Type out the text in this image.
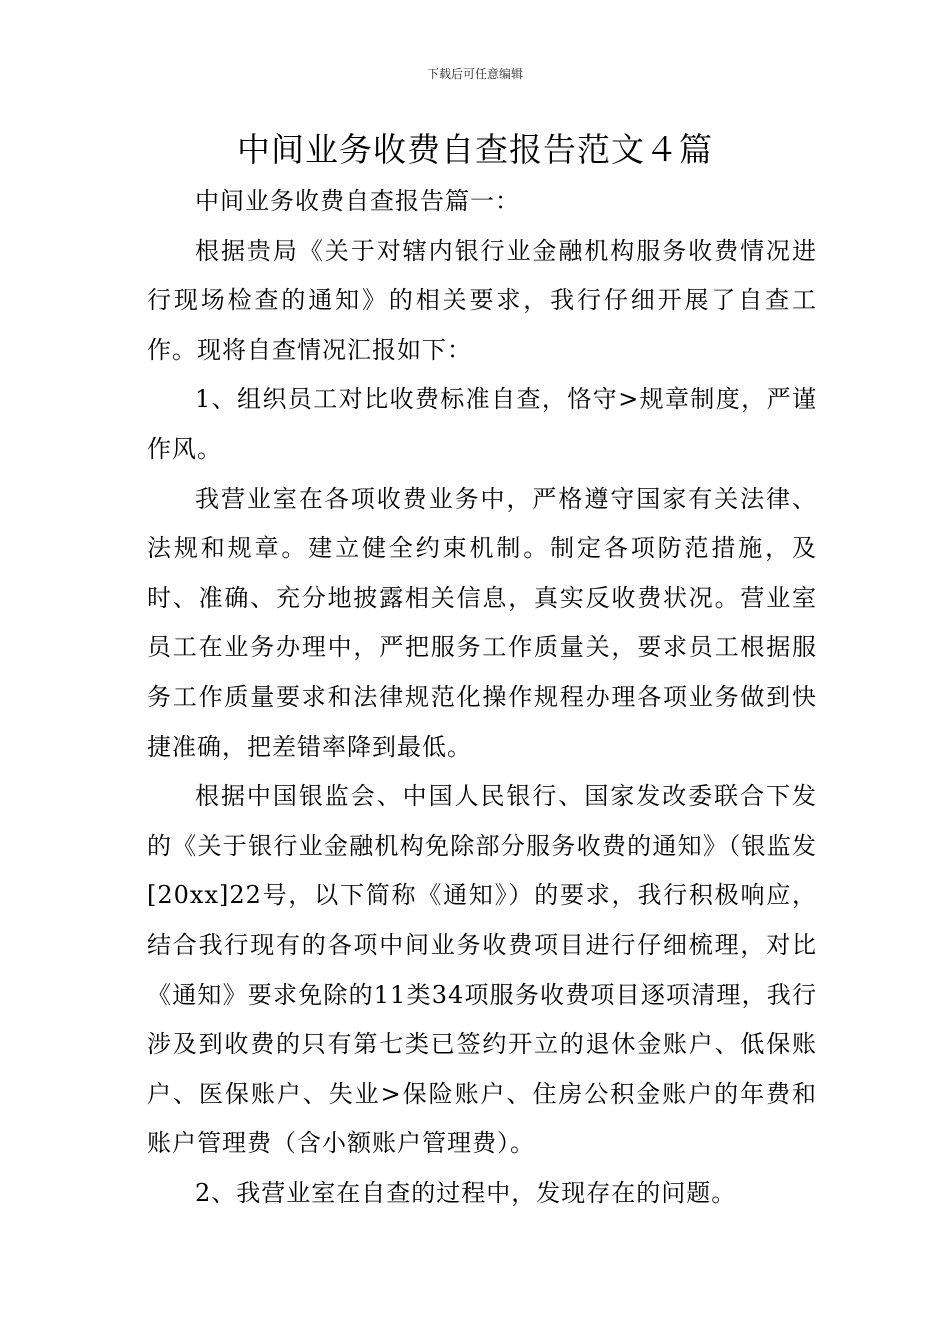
下载后可任意编辑
中间业务收费自查报告范文４篇

中间业务收费自查报告篇一：

根据贵局《关于对辖内银行业金融机构服务收费情况进行现场检查的通知》的相关要求，我行仔细开展了自查工作。现将自查情况汇报如下：

1、组织员工对比收费标准自查，恪守>规章制度，严谨作风。

我营业室在各项收费业务中，严格遵守国家有关法律、法规和规章。建立健全约束机制。制定各项防范措施，及时、准确、充分地披露相关信息，真实反收费状况。营业室员工在业务办理中，严把服务工作质量关，要求员工根据服务工作质量要求和法律规范化操作规程办理各项业务做到快捷准确，把差错率降到最低。

根据中国银监会、中国人民银行、国家发改委联合下发的《关于银行业金融机构免除部分服务收费的通知》（银监发[20xx]22号，以下简称《通知》）的要求，我行积极响应，结合我行现有的各项中间业务收费项目进行仔细梳理，对比《通知》要求免除的11类34项服务收费项目逐项清理，我行涉及到收费的只有第七类已签约开立的退休金账户、低保账户、医保账户、失业>保险账户、住房公积金账户的年费和账户管理费（含小额账户管理费）。

2、我营业室在自查的过程中，发现存在的问题。
